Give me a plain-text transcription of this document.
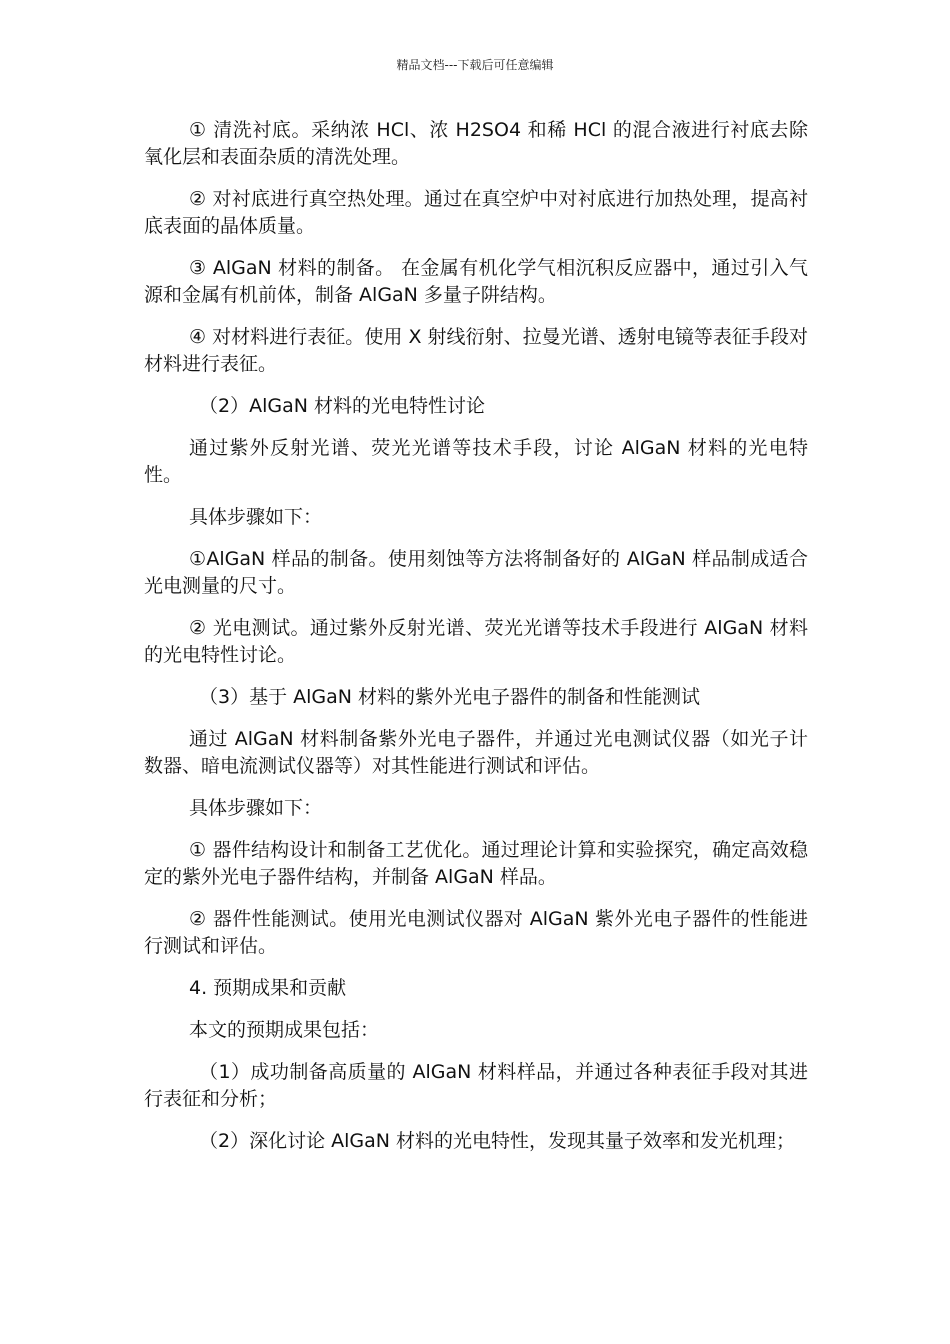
精品文档---下载后可任意编辑

① 清洗衬底。采纳浓 HCl、浓 H2SO4 和稀 HCl 的混合液进行衬底去除氧化层和表面杂质的清洗处理。

② 对衬底进行真空热处理。通过在真空炉中对衬底进行加热处理，提高衬底表面的晶体质量。

③ AlGaN 材料的制备。 在金属有机化学气相沉积反应器中，通过引入气源和金属有机前体，制备 AlGaN 多量子阱结构。

④ 对材料进行表征。使用 X 射线衍射、拉曼光谱、透射电镜等表征手段对材料进行表征。

（2）AlGaN 材料的光电特性讨论

通过紫外反射光谱、荧光光谱等技术手段，讨论 AlGaN 材料的光电特性。

具体步骤如下：

①AlGaN 样品的制备。使用刻蚀等方法将制备好的 AlGaN 样品制成适合光电测量的尺寸。

② 光电测试。通过紫外反射光谱、荧光光谱等技术手段进行 AlGaN 材料的光电特性讨论。

（3）基于 AlGaN 材料的紫外光电子器件的制备和性能测试

通过 AlGaN 材料制备紫外光电子器件，并通过光电测试仪器（如光子计数器、暗电流测试仪器等）对其性能进行测试和评估。

具体步骤如下：

① 器件结构设计和制备工艺优化。通过理论计算和实验探究，确定高效稳定的紫外光电子器件结构，并制备 AlGaN 样品。

② 器件性能测试。使用光电测试仪器对 AlGaN 紫外光电子器件的性能进行测试和评估。

4. 预期成果和贡献

本文的预期成果包括：

（1）成功制备高质量的 AlGaN 材料样品，并通过各种表征手段对其进行表征和分析；

（2）深化讨论 AlGaN 材料的光电特性，发现其量子效率和发光机理；
